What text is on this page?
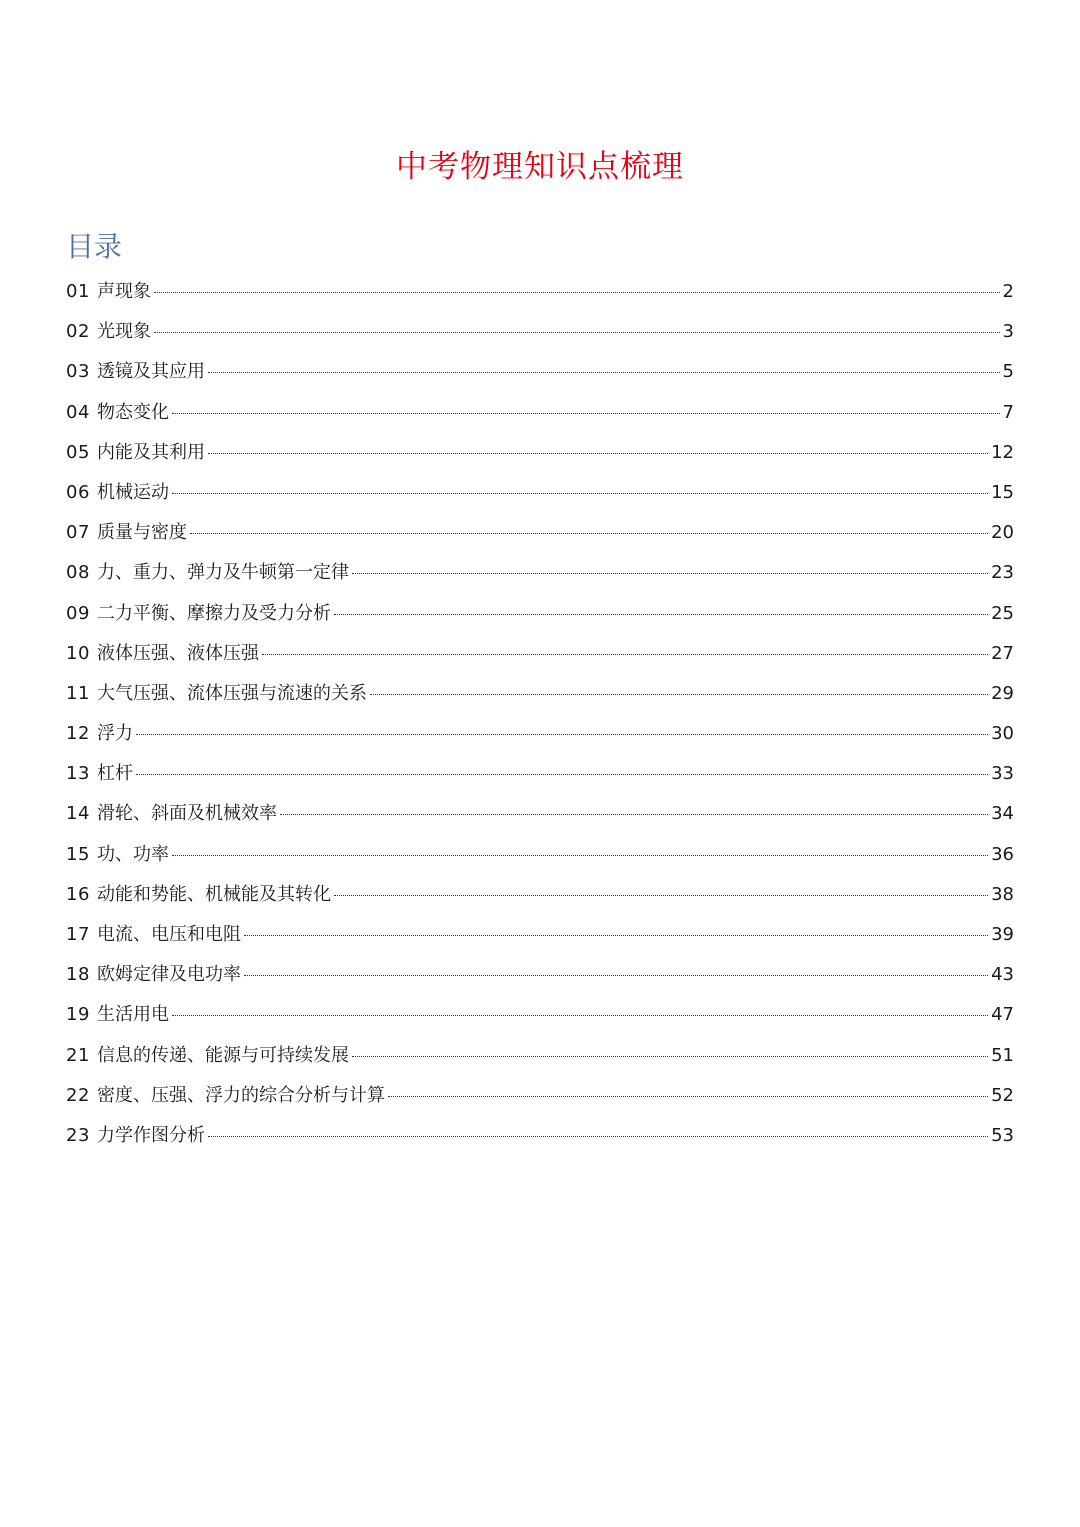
中考物理知识点梳理
目录
01 声现象	2
02 光现象	3
03 透镜及其应用	5
04 物态变化	7
05 内能及其利用	12
06 机械运动	15
07 质量与密度	20
08 力、重力、弹力及牛顿第一定律	23
09 二力平衡、摩擦力及受力分析	25
10 液体压强、液体压强	27
11 大气压强、流体压强与流速的关系	29
12 浮力	30
13 杠杆	33
14 滑轮、斜面及机械效率	34
15 功、功率	36
16 动能和势能、机械能及其转化	38
17 电流、电压和电阻	39
18 欧姆定律及电功率	43
19 生活用电	47
21 信息的传递、能源与可持续发展	51
22 密度、压强、浮力的综合分析与计算	52
23 力学作图分析	53
